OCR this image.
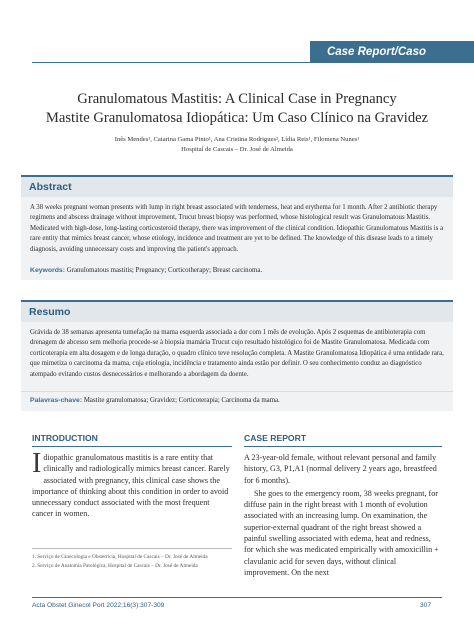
Case Report/Caso Clínico
Granulomatous Mastitis: A Clinical Case in Pregnancy
Mastite Granulomatosa Idiopática: Um Caso Clínico na Gravidez
Inês Mendes¹, Catarina Gama Pinto¹, Ana Cristina Rodrigues², Lídia Reis¹, Filomena Nunes¹
Hospital de Cascais – Dr. José de Almeida
Abstract
A 38 weeks pregnant woman presents with lump in right breast associated with tenderness, heat and erythema for 1 month. After 2 antibiotic therapy regimens and abscess drainage without improvement, Trucut breast biopsy was performed, whose histological result was Granulomatous Mastitis. Medicated with high-dose, long-lasting corticosteroid therapy, there was improvement of the clinical condition. Idiopathic Granulomatous Mastitis is a rare entity that mimics breast cancer, whose etiology, incidence and treatment are yet to be defined. The knowledge of this disease leads to a timely diagnosis, avoiding unnecessary costs and improving the patient's approach.
Keywords: Granulomatous mastitis; Pregnancy; Corticotherapy; Breast carcinoma.
Resumo
Grávida de 38 semanas apresenta tumefação na mama esquerda associada a dor com 1 mês de evolução. Após 2 esquemas de antibioterapia com drenagem de abcesso sem melhoria procede-se à biopsia mamária Trucut cujo resultado histológico foi de Mastite Granulomatosa. Medicada com corticoterapia em alta dosagem e de longa duração, o quadro clínico teve resolução completa. A Mastite Granulomatosa Idiopática é uma entidade rara, que mimetiza o carcinoma da mama, cuja etiologia, incidência e tratamento ainda estão por definir. O seu conhecimento conduz ao diagnóstico atempado evitando custos desnecessários e melhorando a abordagem da doente.
Palavras-chave: Mastite granulomatosa; Gravidez; Corticoterapia; Carcinoma da mama.
INTRODUCTION
Idiopathic granulomatous mastitis is a rare entity that clinically and radiologically mimics breast cancer. Rarely associated with pregnancy, this clinical case shows the importance of thinking about this condition in order to avoid unnecessary conduct associated with the most frequent cancer in women.
1. Serviço de Ginecologia e Obstetrícia, Hospital de Cascais – Dr. José de Almeida
2. Serviço de Anatomia Patológica, Hospital de Cascais – Dr. José de Almeida
CASE REPORT
A 23-year-old female, without relevant personal and family history, G3, P1,A1 (normal delivery 2 years ago, breastfeed for 6 months).
She goes to the emergency room, 38 weeks pregnant, for diffuse pain in the right breast with 1 month of evolution associated with an increasing lump. On examination, the superior-external quadrant of the right breast showed a painful swelling associated with edema, heat and redness, for which she was medicated empirically with amoxicillin + clavulanic acid for seven days, without clinical improvement. On the next
Acta Obstet Ginecol Port 2022;16(3):307-309	307
